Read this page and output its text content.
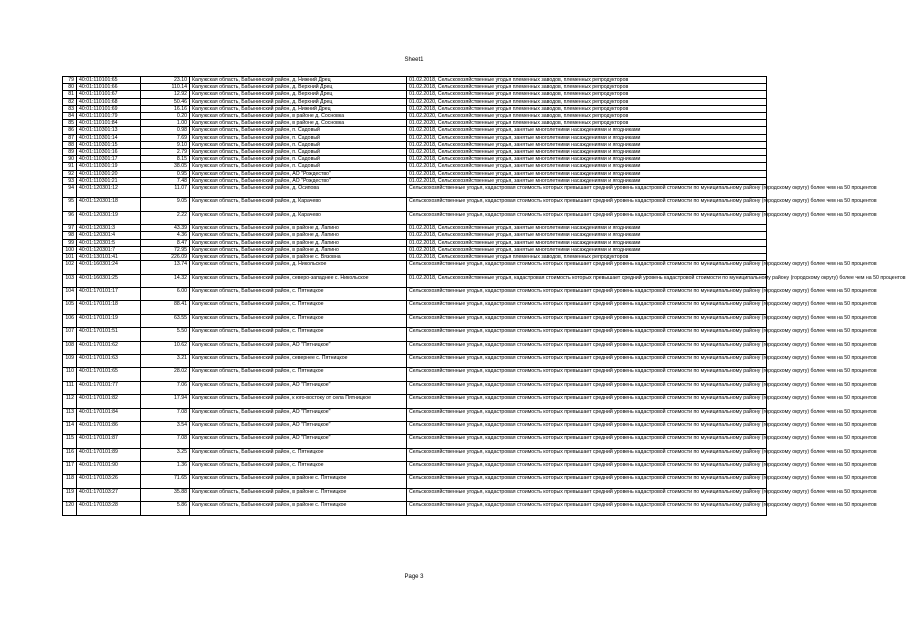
Sheet1
79	40:01:110101:65	23.10	Калужская область, Бабынинский район, д. Нижний Дрец	01.02.2018, Сельскохозяйственные угодья племенных заводов, племенных репродукторов
80	40:01:110101:66	110.14	Калужская область, Бабынинский район, д. Верхний Дрец	01.02.2018, Сельскохозяйственные угодья племенных заводов, племенных репродукторов
81	40:01:110101:67	12.92	Калужская область, Бабынинский район, д. Верхний Дрец	01.02.2018, Сельскохозяйственные угодья племенных заводов, племенных репродукторов
82	40:01:110101:68	50.46	Калужская область, Бабынинский район, д. Верхний Дрец	01.02.2020, Сельскохозяйственные угодья племенных заводов, племенных репродукторов
83	40:01:110101:69	16.16	Калужская область, Бабынинский район, д. Нижний Дрец	01.02.2018, Сельскохозяйственные угодья племенных заводов, племенных репродукторов
84	40:01:110101:79	0.20	Калужская область, Бабынинский район, в районе д. Сосновка	01.02.2020, Сельскохозяйственные угодья племенных заводов, племенных репродукторов
85	40:01:110101:84	1.00	Калужская область, Бабынинский район, в районе д. Сосновка	01.02.2020, Сельскохозяйственные угодья племенных заводов, племенных репродукторов
86	40:01:110301:13	0.98	Калужская область, Бабынинский район, п. Садовый	01.02.2018, Сельскохозяйственные угодья, занятые многолетними насаждениями и ягодниками
87	40:01:110301:14	7.69	Калужская область, Бабынинский район, п. Садовый	01.02.2018, Сельскохозяйственные угодья, занятые многолетними насаждениями и ягодниками
88	40:01:110301:15	9.10	Калужская область, Бабынинский район, п. Садовый	01.02.2018, Сельскохозяйственные угодья, занятые многолетними насаждениями и ягодниками
89	40:01:110301:16	2.79	Калужская область, Бабынинский район, п. Садовый	01.02.2018, Сельскохозяйственные угодья, занятые многолетними насаждениями и ягодниками
90	40:01:110301:17	8.15	Калужская область, Бабынинский район, п. Садовый	01.02.2018, Сельскохозяйственные угодья, занятые многолетними насаждениями и ягодниками
91	40:01:110301:19	38.05	Калужская область, Бабынинский район, п. Садовый	01.02.2018, Сельскохозяйственные угодья, занятые многолетними насаждениями и ягодниками
92	40:01:110301:20	0.95	Калужская область, Бабынинский район, АО "Рождество"	01.02.2018, Сельскохозяйственные угодья, занятые многолетними насаждениями и ягодниками
93	40:01:110301:21	7.48	Калужская область, Бабынинский район, АО "Рождество"	01.02.2018, Сельскохозяйственные угодья, занятые многолетними насаждениями и ягодниками
94	40:01:120301:12	11.07	Калужская область, Бабынинский район, д. Осипова	Сельскохозяйственные угодья, кадастровая стоимость которых превышает средний уровень кадастровой стоимости по муниципальному району (городскому округу) более чем на 50 процентов
95	40:01:120301:18	9.05	Калужская область, Бабынинский район, д. Карачево	Сельскохозяйственные угодья, кадастровая стоимость которых превышает средний уровень кадастровой стоимости по муниципальному району (городскому округу) более чем на 50 процентов
96	40:01:120301:19	2.22	Калужская область, Бабынинский район, д. Карачево	Сельскохозяйственные угодья, кадастровая стоимость которых превышает средний уровень кадастровой стоимости по муниципальному району (городскому округу) более чем на 50 процентов
97	40:01:120301:3	43.39	Калужская область, Бабынинский район, в районе д. Лапино	01.02.2018, Сельскохозяйственные угодья, занятые многолетними насаждениями и ягодниками
98	40:01:120301:4	4.36	Калужская область, Бабынинский район, в районе д. Лапино	01.02.2018, Сельскохозяйственные угодья, занятые многолетними насаждениями и ягодниками
99	40:01:120301:5	8.47	Калужская область, Бабынинский район, в районе д. Лапино	01.02.2018, Сельскохозяйственные угодья, занятые многолетними насаждениями и ягодниками
100	40:01:120301:7	72.95	Калужская область, Бабынинский район, в районе д. Лапино	01.02.2018, Сельскохозяйственные угодья, занятые многолетними насаждениями и ягодниками
101	40:01:130101:41	226.09	Калужская область, Бабынинский район, в районе с. Вязовна	01.02.2018, Сельскохозяйственные угодья племенных заводов, племенных репродукторов
102	40:01:160301:24	13.74	Калужская область, Бабынинский район, д. Никольское	Сельскохозяйственные угодья, кадастровая стоимость которых превышает средний уровень кадастровой стоимости по муниципальному району (городскому округу) более чем на 50 процентов
103	40:01:160301:25	14.32	Калужская область, Бабынинский район, северо-западнее с. Никольское	01.02.2018, Сельскохозяйственные угодья, кадастровая стоимость которых превышает средний уровень кадастровой стоимости по муниципальному району (городскому округу) более чем на 50 процентов
104	40:01:170101:17	6.00	Калужская область, Бабынинский район, с. Пятницкое	Сельскохозяйственные угодья, кадастровая стоимость которых превышает средний уровень кадастровой стоимости по муниципальному району (городскому округу) более чем на 50 процентов
105	40:01:170101:18	88.41	Калужская область, Бабынинский район, с. Пятницкое	Сельскохозяйственные угодья, кадастровая стоимость которых превышает средний уровень кадастровой стоимости по муниципальному району (городскому округу) более чем на 50 процентов
106	40:01:170101:19	63.55	Калужская область, Бабынинский район, с. Пятницкое	Сельскохозяйственные угодья, кадастровая стоимость которых превышает средний уровень кадастровой стоимости по муниципальному району (городскому округу) более чем на 50 процентов
107	40:01:170101:51	5.50	Калужская область, Бабынинский район, с. Пятницкое	Сельскохозяйственные угодья, кадастровая стоимость которых превышает средний уровень кадастровой стоимости по муниципальному району (городскому округу) более чем на 50 процентов
108	40:01:170101:62	10.62	Калужская область, Бабынинский район, АО "Пятницкое"	Сельскохозяйственные угодья, кадастровая стоимость которых превышает средний уровень кадастровой стоимости по муниципальному району (городскому округу) более чем на 50 процентов
109	40:01:170101:63	3.21	Калужская область, Бабынинский район, севернее с. Пятницкое	Сельскохозяйственные угодья, кадастровая стоимость которых превышает средний уровень кадастровой стоимости по муниципальному району (городскому округу) более чем на 50 процентов
110	40:01:170101:65	28.02	Калужская область, Бабынинский район, с. Пятницкое	Сельскохозяйственные угодья, кадастровая стоимость которых превышает средний уровень кадастровой стоимости по муниципальному району (городскому округу) более чем на 50 процентов
111	40:01:170101:77	7.06	Калужская область, Бабынинский район, АО "Пятницкое"	Сельскохозяйственные угодья, кадастровая стоимость которых превышает средний уровень кадастровой стоимости по муниципальному району (городскому округу) более чем на 50 процентов
112	40:01:170101:82	17.94	Калужская область, Бабынинский район, к юго-востоку от села Пятницкое	Сельскохозяйственные угодья, кадастровая стоимость которых превышает средний уровень кадастровой стоимости по муниципальному району (городскому округу) более чем на 50 процентов
113	40:01:170101:84	7.08	Калужская область, Бабынинский район, АО "Пятницкое"	Сельскохозяйственные угодья, кадастровая стоимость которых превышает средний уровень кадастровой стоимости по муниципальному району (городскому округу) более чем на 50 процентов
114	40:01:170101:86	3.54	Калужская область, Бабынинский район, АО "Пятницкое"	Сельскохозяйственные угодья, кадастровая стоимость которых превышает средний уровень кадастровой стоимости по муниципальному району (городскому округу) более чем на 50 процентов
115	40:01:170101:87	7.08	Калужская область, Бабынинский район, АО "Пятницкое"	Сельскохозяйственные угодья, кадастровая стоимость которых превышает средний уровень кадастровой стоимости по муниципальному району (городскому округу) более чем на 50 процентов
116	40:01:170101:89	3.25	Калужская область, Бабынинский район, с. Пятницкое	Сельскохозяйственные угодья, кадастровая стоимость которых превышает средний уровень кадастровой стоимости по муниципальному району (городскому округу) более чем на 50 процентов
117	40:01:170101:90	1.36	Калужская область, Бабынинский район, с. Пятницкое	Сельскохозяйственные угодья, кадастровая стоимость которых превышает средний уровень кадастровой стоимости по муниципальному району (городскому округу) более чем на 50 процентов
118	40:01:170103:26	71.65	Калужская область, Бабынинский район, в районе с. Пятницкое	Сельскохозяйственные угодья, кадастровая стоимость которых превышает средний уровень кадастровой стоимости по муниципальному району (городскому округу) более чем на 50 процентов
119	40:01:170103:27	35.88	Калужская область, Бабынинский район, в районе с. Пятницкое	Сельскохозяйственные угодья, кадастровая стоимость которых превышает средний уровень кадастровой стоимости по муниципальному району (городскому округу) более чем на 50 процентов
120	40:01:170103:28	5.86	Калужская область, Бабынинский район, в районе с. Пятницкое	Сельскохозяйственные угодья, кадастровая стоимость которых превышает средний уровень кадастровой стоимости по муниципальному району (городскому округу) более чем на 50 процентов
Page 3
